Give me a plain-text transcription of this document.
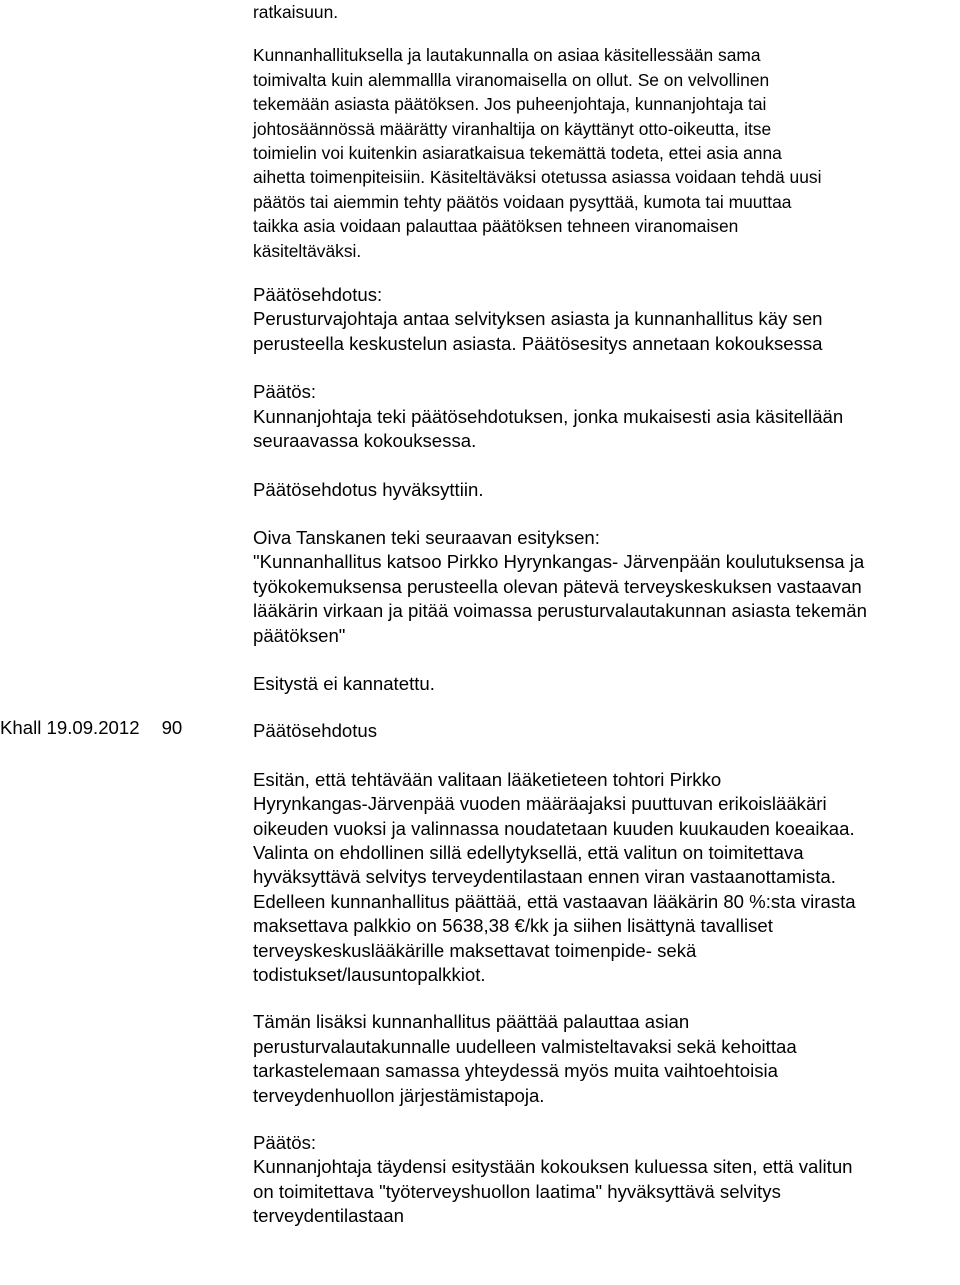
Khall 19.09.2012 90

ratkaisuun.

Kunnanhallituksella ja lautakunnalla on asiaa käsitellessään sama
toimivalta kuin alemmallla viranomaisella on ollut. Se on velvollinen
tekemään asiasta päätöksen. Jos puheenjohtaja, kunnanjohtaja tai
johtosäännössä määrätty viranhaltija on käyttänyt otto-oikeutta, itse
toimielin voi kuitenkin asiaratkaisua tekemättä todeta, ettei asia anna
aihetta toimenpiteisiin. Käsiteltäväksi otetussa asiassa voidaan tehdä uusi
päätös tai aiemmin tehty päätös voidaan pysyttää, kumota tai muuttaa
taikka asia voidaan palauttaa päätöksen tehneen viranomaisen
käsiteltäväksi.

Päätösehdotus:

Perusturvajohtaja antaa selvityksen asiasta ja kunnanhallitus käy sen
perusteella keskustelun asiasta. Päätösesitys annetaan kokouksessa

Päätös:

Kunnanjohtaja teki päätösehdotuksen, jonka mukaisesti asia käsitellään
seuraavassa kokouksessa.

Päätösehdotus hyväksyttiin.

Oiva Tanskanen teki seuraavan esityksen:
"Kunnanhallitus katsoo Pirkko Hyrynkangas- Järvenpään koulutuksensa ja
työkokemuksensa perusteella olevan pätevä terveyskeskuksen vastaavan
lääkärin virkaan ja pitää voimassa perusturvalautakunnan asiasta tekemän
päätöksen"

Esitystä ei kannatettu.

Päätösehdotus

Esitän, että tehtävään valitaan lääketieteen tohtori Pirkko
Hyrynkangas-Järvenpää vuoden määräajaksi puuttuvan erikoislääkäri
oikeuden vuoksi ja valinnassa noudatetaan kuuden kuukauden koeaikaa.
Valinta on ehdollinen sillä edellytyksellä, että valitun on toimitettava
hyväksyttävä selvitys terveydentilastaan ennen viran vastaanottamista.
Edelleen kunnanhallitus päättää, että vastaavan lääkärin 80 %:sta virasta
maksettava palkkio on 5638,38 €/kk ja siihen lisättynä tavalliset
terveyskeskuslääkärille maksettavat toimenpide- sekä
todistukset/lausuntopalkkiot.

Tämän lisäksi kunnanhallitus päättää palauttaa asian
perusturvalautakunnalle uudelleen valmisteltavaksi sekä kehoittaa
tarkastelemaan samassa yhteydessä myös muita vaihtoehtoisia
terveydenhuollon järjestämistapoja.

Päätös:

Kunnanjohtaja täydensi esitystään kokouksen kuluessa siten, että valitun
on toimitettava "työterveyshuollon laatima" hyväksyttävä selvitys
terveydentilastaan
